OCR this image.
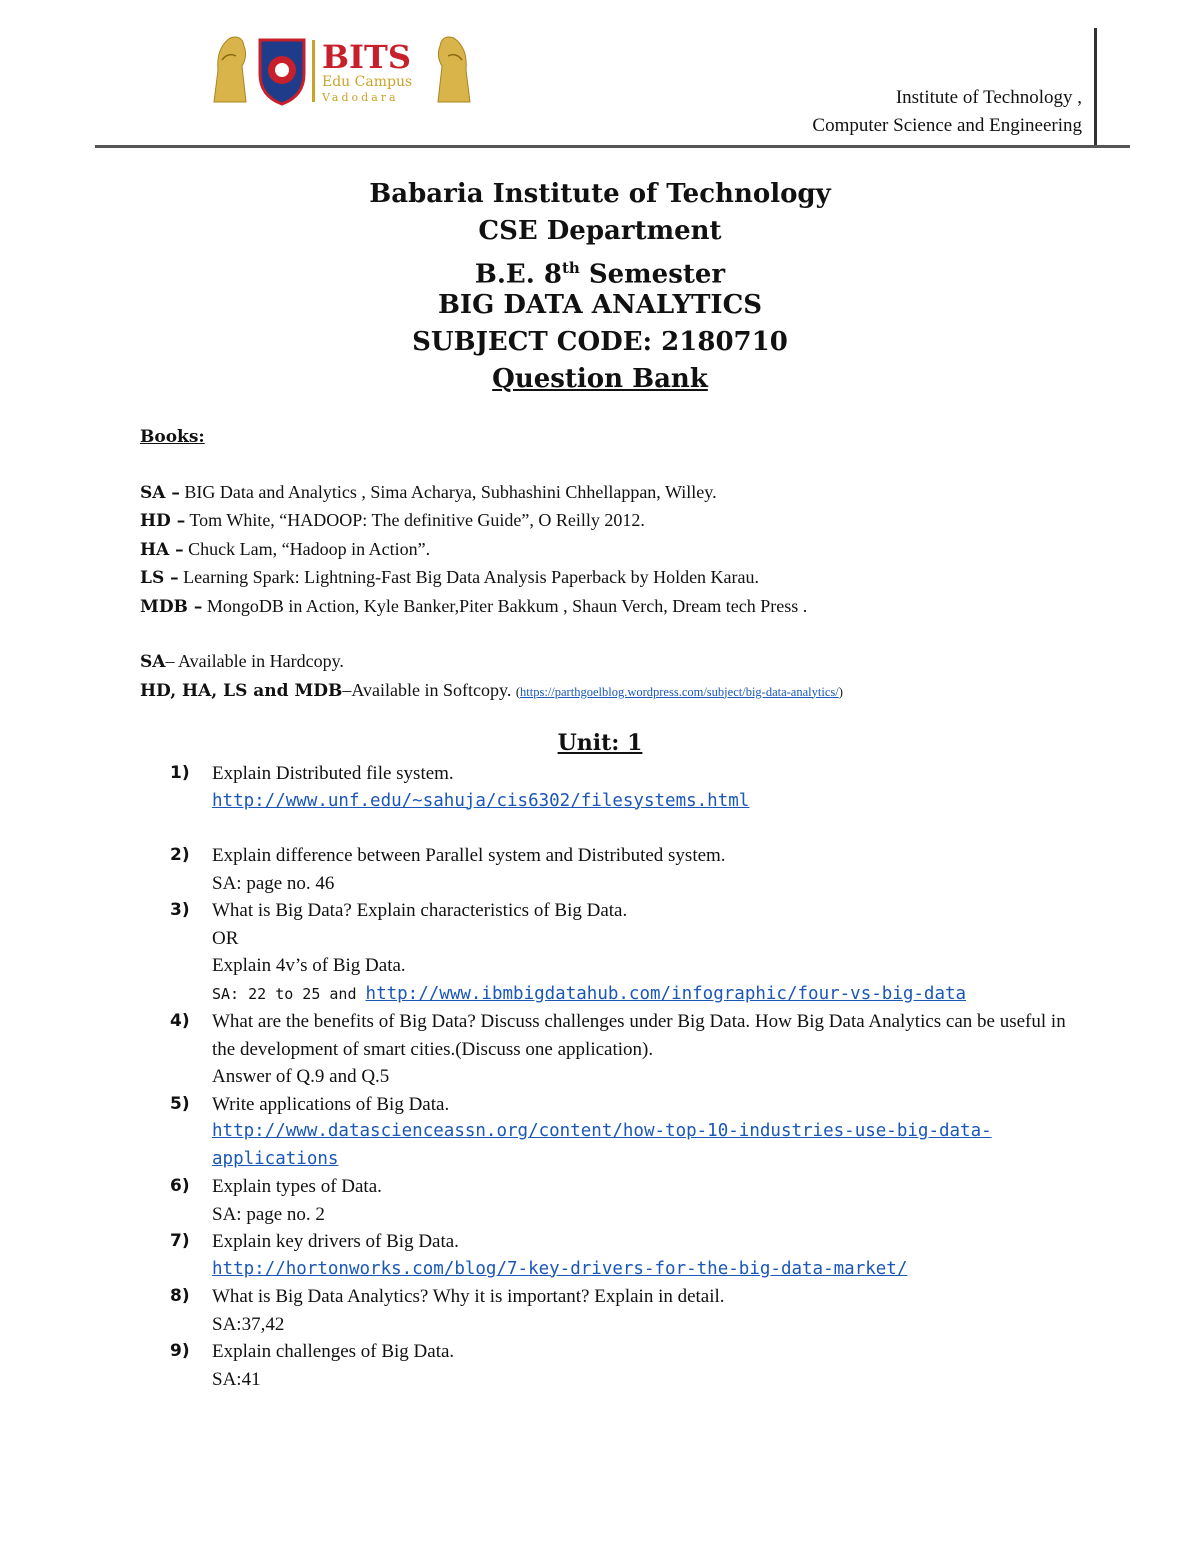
BITS
Edu Campus
Vadodara	Institute of Technology ,
Computer Science and Engineering
Babaria Institute of Technology
CSE Department
B.E. 8th Semester
BIG DATA ANALYTICS
SUBJECT CODE: 2180710
Question Bank
Books:
SA – BIG Data and Analytics , Sima Acharya, Subhashini Chhellappan, Willey.
HD – Tom White, “HADOOP: The definitive Guide”, O Reilly 2012.
HA – Chuck Lam, “Hadoop in Action”.
LS – Learning Spark: Lightning-Fast Big Data Analysis Paperback by Holden Karau.
MDB – MongoDB in Action, Kyle Banker,Piter Bakkum , Shaun Verch, Dream tech Press .
SA– Available in Hardcopy.
HD, HA, LS and MDB–Available in Softcopy. (https://parthgoelblog.wordpress.com/subject/big-data-analytics/)
Unit: 1
1)	Explain Distributed file system.
http://www.unf.edu/~sahuja/cis6302/filesystems.html
2)	Explain difference between Parallel system and Distributed system.
SA: page no. 46
3)	What is Big Data? Explain characteristics of Big Data.
OR
Explain 4v’s of Big Data.
SA: 22 to 25 and http://www.ibmbigdatahub.com/infographic/four-vs-big-data
4)	What are the benefits of Big Data? Discuss challenges under Big Data. How Big Data Analytics can be useful in the development of smart cities.(Discuss one application).
Answer of Q.9 and Q.5
5)	Write applications of Big Data.
http://www.datascienceassn.org/content/how-top-10-industries-use-big-data-applications
6)	Explain types of Data.
SA: page no. 2
7)	Explain key drivers of Big Data.
http://hortonworks.com/blog/7-key-drivers-for-the-big-data-market/
8)	What is Big Data Analytics? Why it is important? Explain in detail.
SA:37,42
9)	Explain challenges of Big Data.
SA:41
